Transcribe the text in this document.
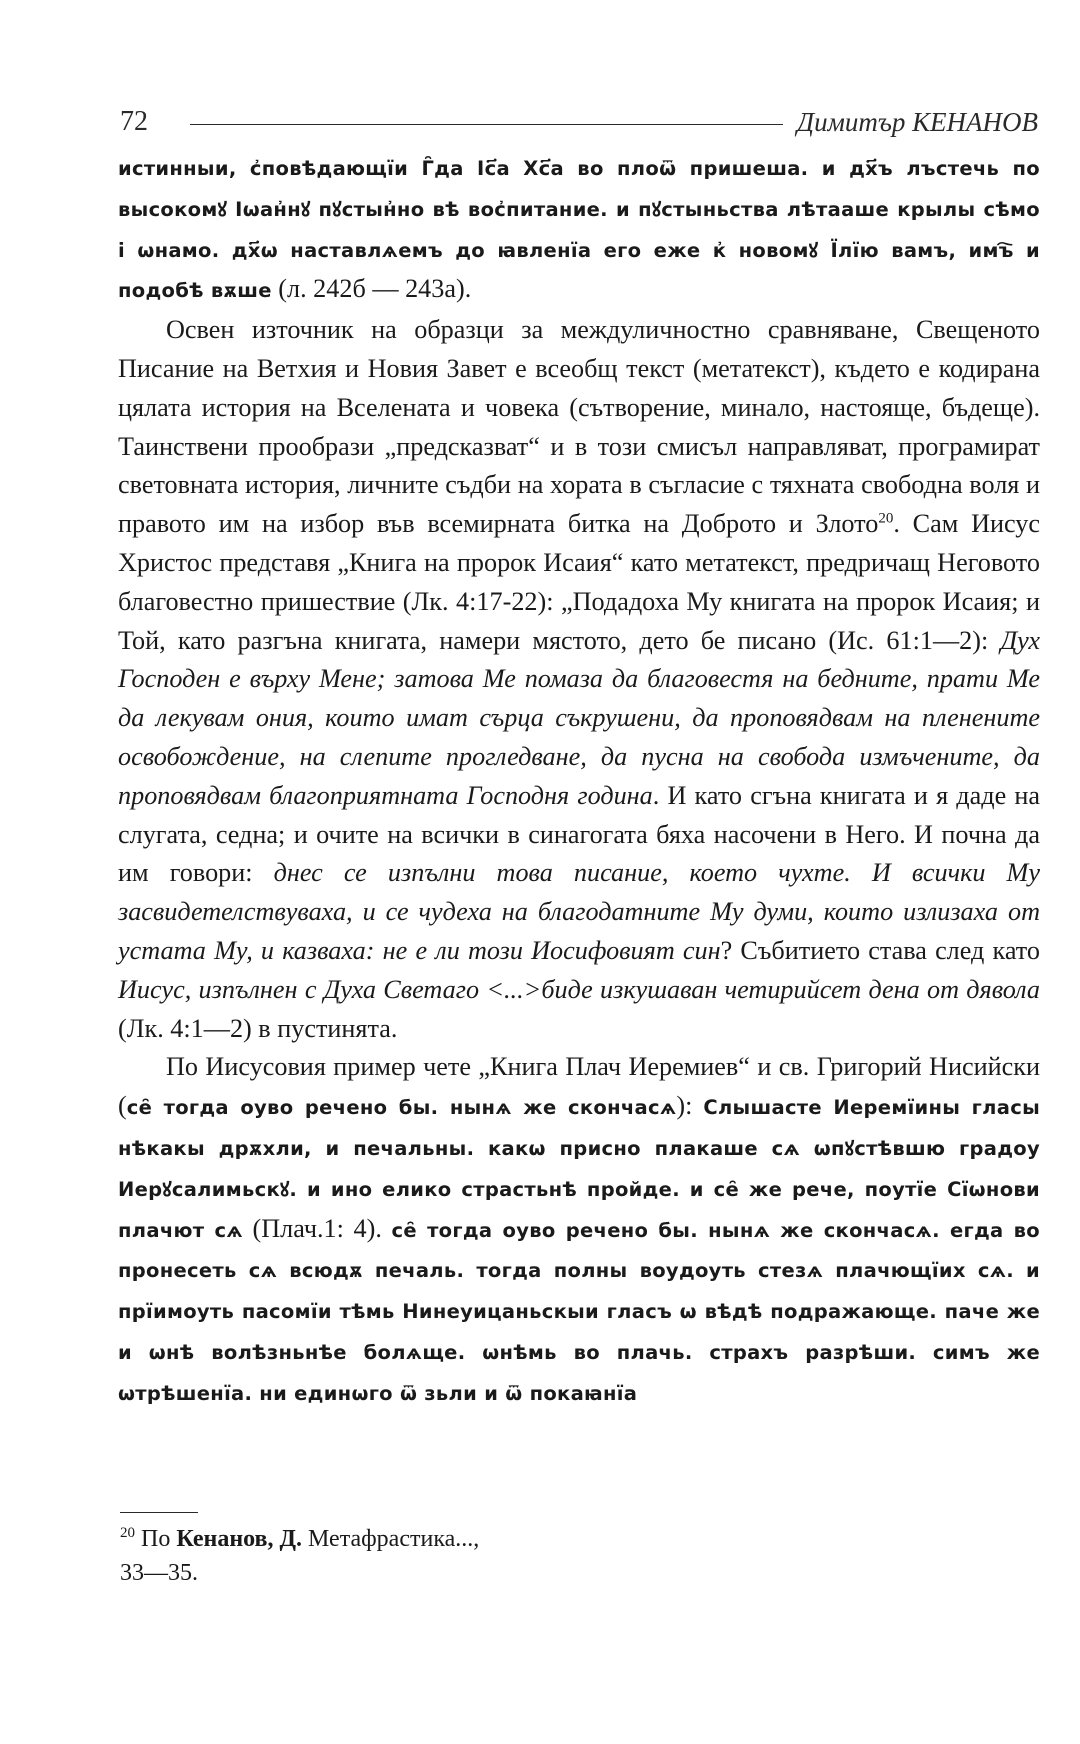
72	Димитър КЕНАНОВ

истинныи, с҆повѣдающїи Г̑да Іс҃а Хс҃а во плоѿ пришеша. и дх҃ъ лъстечь по высокомꙋ Іѡан҆нꙋ пꙋстын҆но вѣ вос҆питание. и пꙋстыньства лѣтааше крылы сѣмо і ѡнамо. дх҃ѡ наставлѧемъ до ꙗвленїа его еже к҆ новомꙋ Їлїю вамъ, имъ҇ и подобѣ вѫше (л. 242б — 243а).

Освен източник на образци за междуличностно сравняване, Свещеното Писание на Ветхия и Новия Завет е всеобщ текст (метатекст), където е кодирана цялата история на Вселената и човека (сътворение, минало, настояще, бъдеще). Таинствени прообрази „предсказват“ и в този смисъл направляват, програмират световната история, личните съдби на хората в съгласие с тяхната свободна воля и правото им на избор във всемирната битка на Доброто и Злото$^{20}$. Сам Иисус Христос представя „Книга на пророк Исаия“ като метатекст, предричащ Неговото благовестно пришествие (Лк. 4:17-22): „Подадоха Му книгата на пророк Исаия; и Той, като разгъна книгата, намери мястото, дето бе писано (Ис. 61:1—2): Дух Господен е върху Мене; затова Ме помаза да благовестя на бедните, прати Ме да лекувам ония, които имат сърца съкрушени, да проповядвам на пленените освобождение, на слепите прогледване, да пусна на свобода измъчените, да проповядвам благоприятната Господня година. И като сгъна книгата и я даде на слугата, седна; и очите на всички в синагогата бяха насочени в Него. И почна да им говори: днес се изпълни това писание, което чухте. И всички Му засвидетелствуваха, и се чудеха на благодатните Му думи, които излизаха от устата Му, и казваха: не е ли този Иосифовият син? Събитието става след като Иисус, изпълнен с Духа Светаго <...>биде изкушаван четирийсет дена от дявола (Лк. 4:1—2) в пустинята.

По Иисусовия пример чете „Книга Плач Иеремиев“ и св. Григорий Нисийски (се̑ тогда оуво речено бы. нынѧ же скончасѧ): Слышасте Иеремїины гласы нѣкакы дрѫхли, и печальны. какѡ присно плакаше сѧ ѡпꙋстѣвшю градоу Иерꙋсалимьскꙋ. и ино елико страстьнѣ пройде. и се̑ же рече, поутїе Сїѡнови плачют сѧ (Плач.1: 4). се̑ тогда оуво речено бы. нынѧ же скончасѧ. егда во пронесеть сѧ всюдѫ печаль. тогда полны воудоуть стезѧ плачющїих сѧ. и прїимоуть пасомїи тѣмь Нинеуицаньскыи гласъ ѡ вѣдѣ подражающе. паче же и ѡнѣ волѣзньнѣе болѧще. ѡнѣмь во плачь. страхъ разрѣши. симъ же ѡтрѣшенїа. ни единѡго ѿ зьли и ѿ покаꙗнїа

$^{20}$ По Кенанов, Д. Метафрастика...,
33—35.
